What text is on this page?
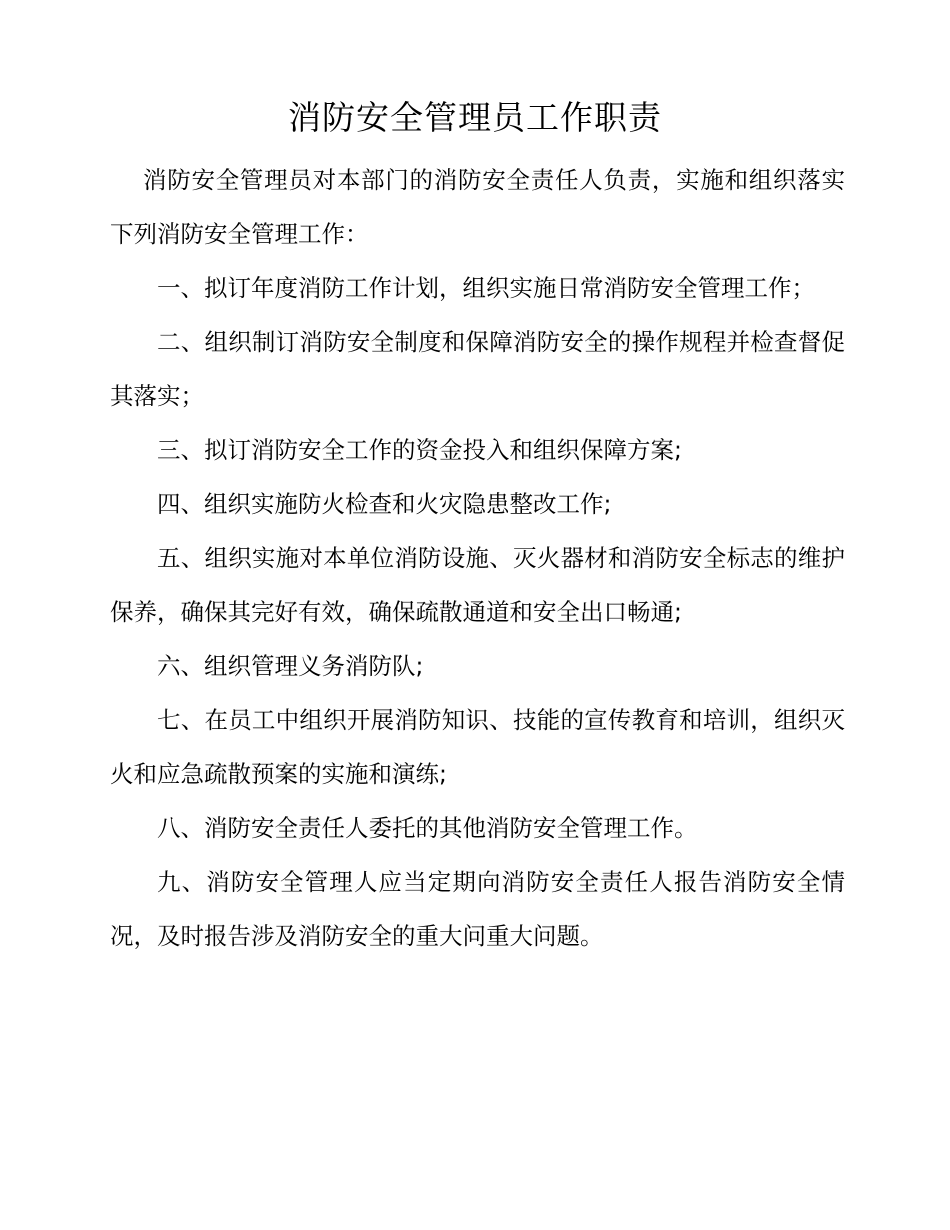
消防安全管理员工作职责

消防安全管理员对本部门的消防安全责任人负责，实施和组织落实下列消防安全管理工作：

一、拟订年度消防工作计划，组织实施日常消防安全管理工作；

二、组织制订消防安全制度和保障消防安全的操作规程并检查督促其落实；

三、拟订消防安全工作的资金投入和组织保障方案;

四、组织实施防火检查和火灾隐患整改工作;

五、组织实施对本单位消防设施、灭火器材和消防安全标志的维护保养，确保其完好有效，确保疏散通道和安全出口畅通;

六、组织管理义务消防队;

七、在员工中组织开展消防知识、技能的宣传教育和培训，组织灭火和应急疏散预案的实施和演练;

八、消防安全责任人委托的其他消防安全管理工作。

九、消防安全管理人应当定期向消防安全责任人报告消防安全情况，及时报告涉及消防安全的重大问重大问题。
